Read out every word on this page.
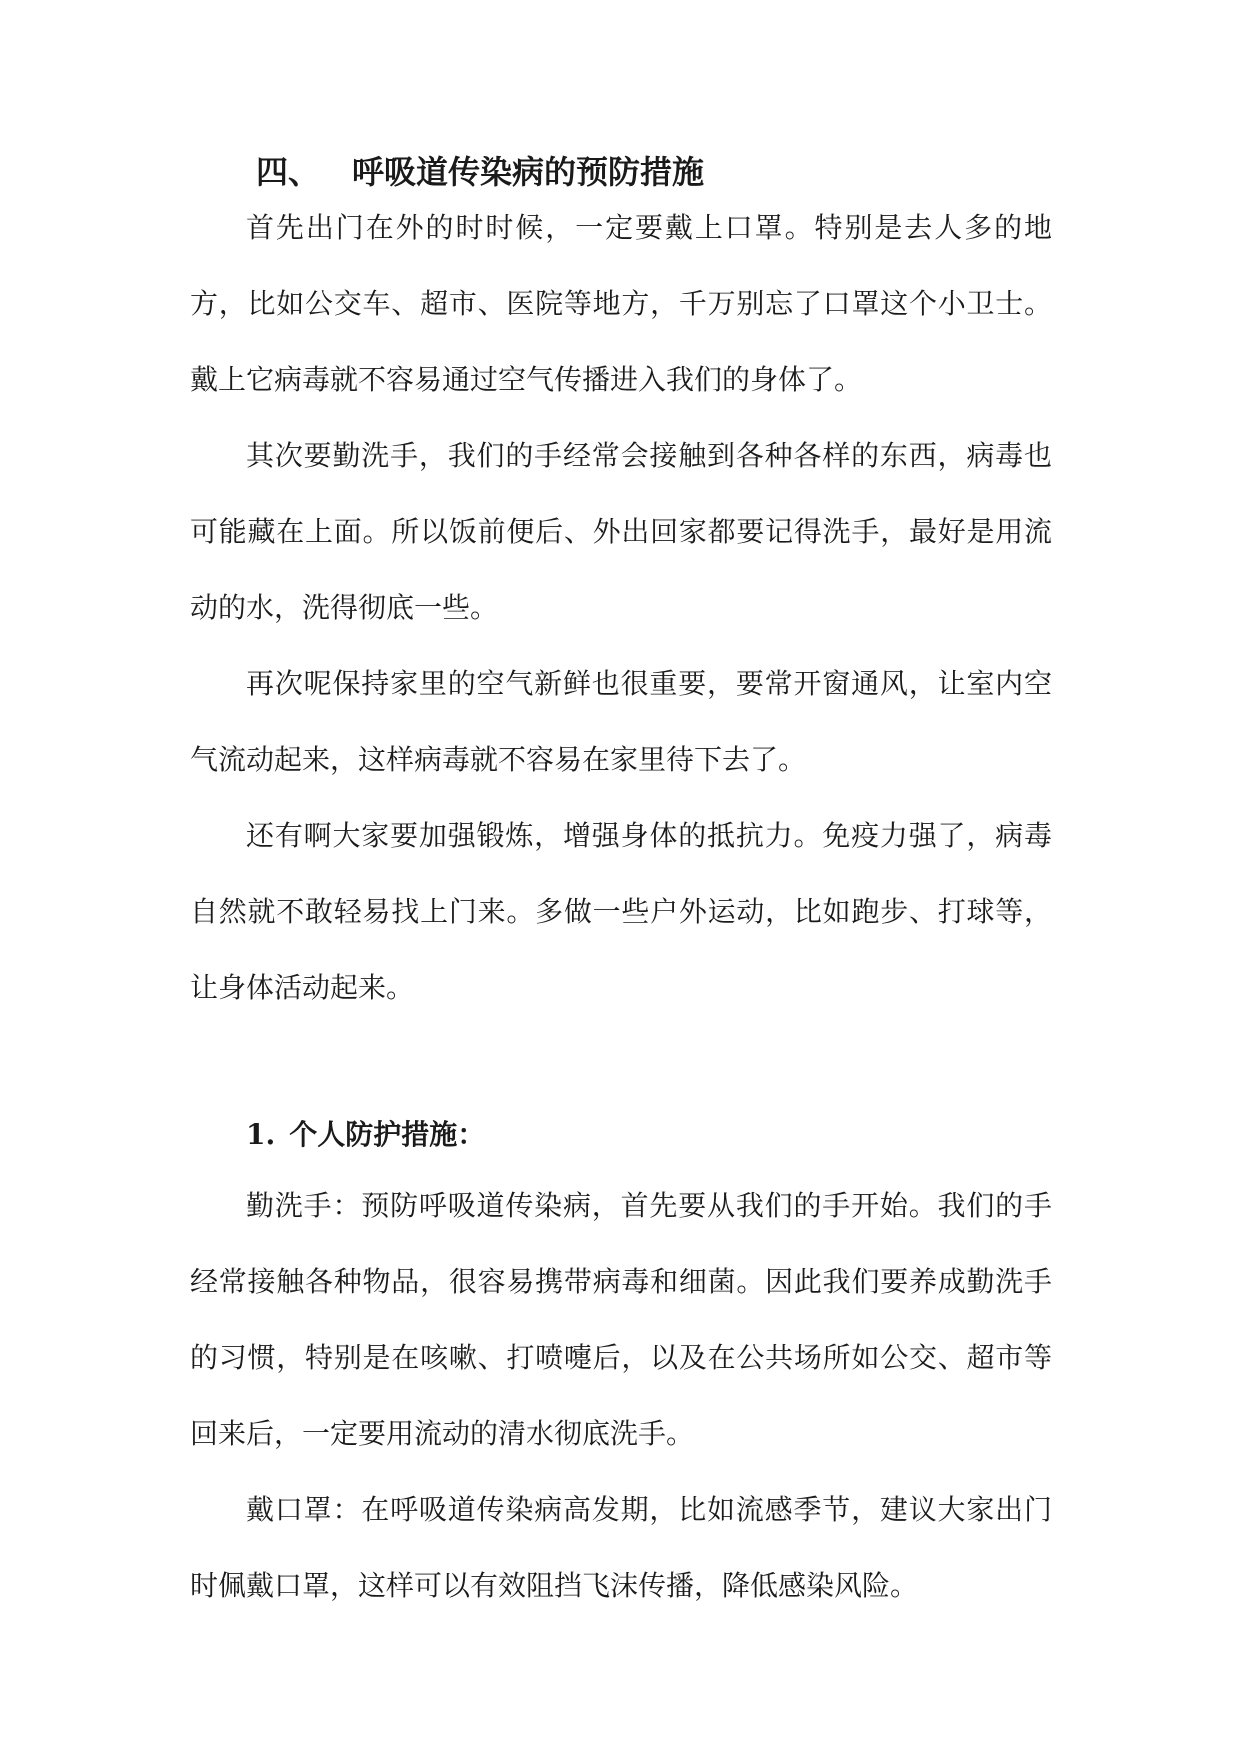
四、 呼吸道传染病的预防措施

首先出门在外的时时候，一定要戴上口罩。特别是去人多的地方，比如公交车、超市、医院等地方，千万别忘了口罩这个小卫士。戴上它病毒就不容易通过空气传播进入我们的身体了。

其次要勤洗手，我们的手经常会接触到各种各样的东西，病毒也可能藏在上面。所以饭前便后、外出回家都要记得洗手，最好是用流动的水，洗得彻底一些。

再次呢保持家里的空气新鲜也很重要，要常开窗通风，让室内空气流动起来，这样病毒就不容易在家里待下去了。

还有啊大家要加强锻炼，增强身体的抵抗力。免疫力强了，病毒自然就不敢轻易找上门来。多做一些户外运动，比如跑步、打球等，让身体活动起来。

1. 个人防护措施：

勤洗手：预防呼吸道传染病，首先要从我们的手开始。我们的手经常接触各种物品，很容易携带病毒和细菌。因此我们要养成勤洗手的习惯，特别是在咳嗽、打喷嚏后，以及在公共场所如公交、超市等回来后，一定要用流动的清水彻底洗手。

戴口罩：在呼吸道传染病高发期，比如流感季节，建议大家出门时佩戴口罩，这样可以有效阻挡飞沫传播，降低感染风险。
